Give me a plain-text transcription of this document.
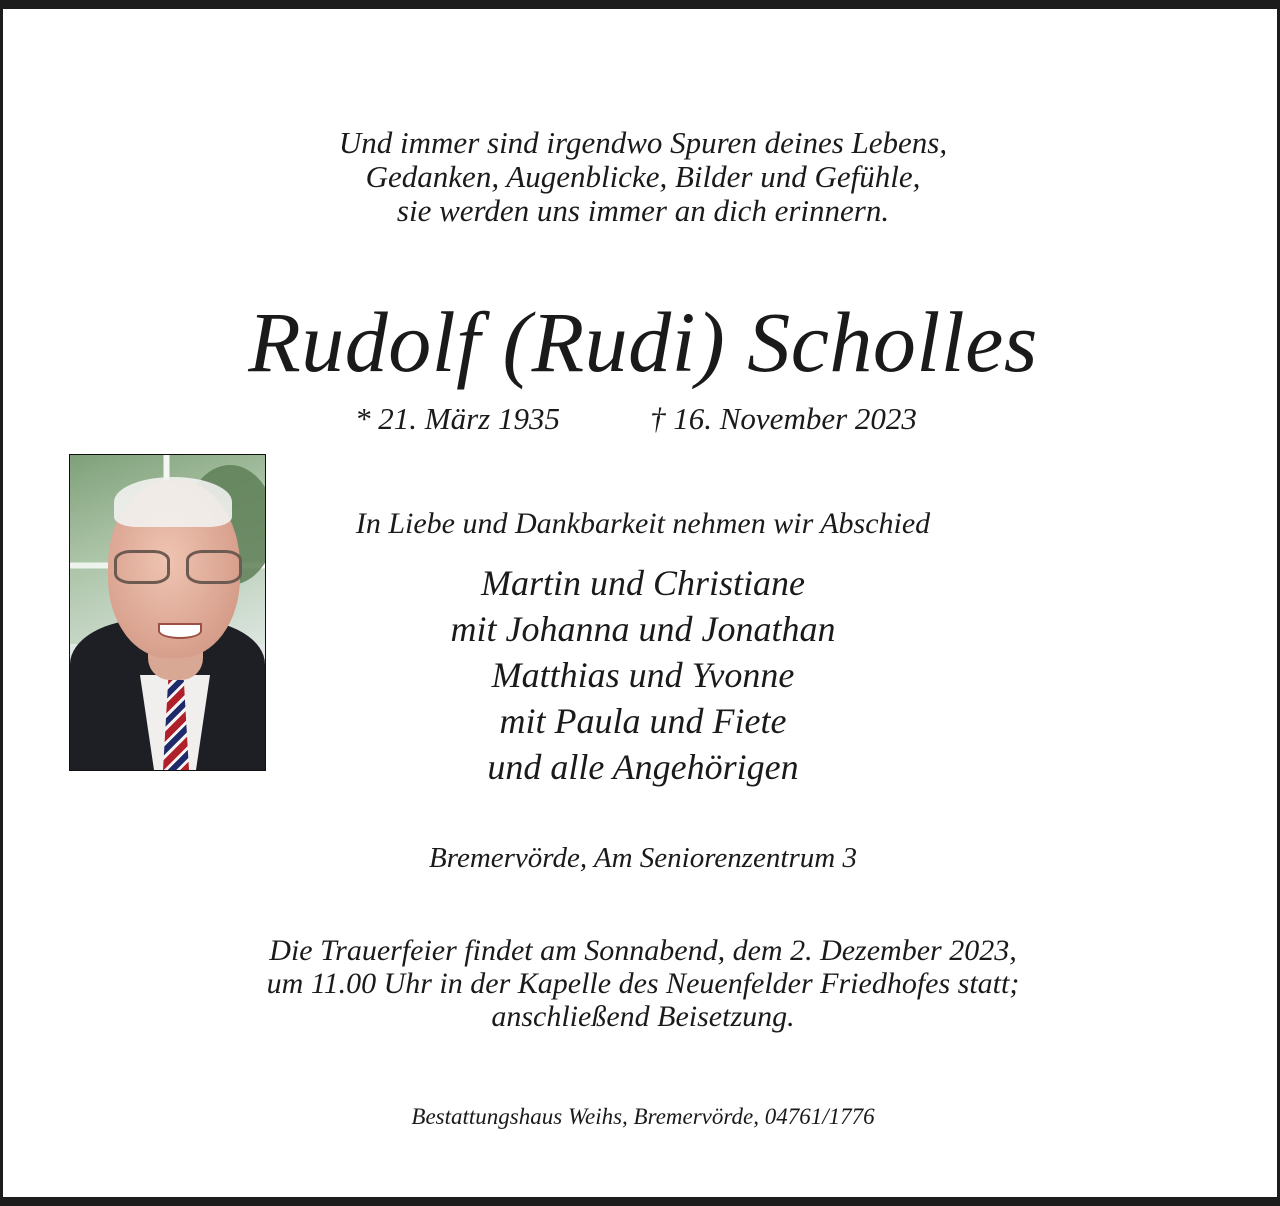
Und immer sind irgendwo Spuren deines Lebens,
Gedanken, Augenblicke, Bilder und Gefühle,
sie werden uns immer an dich erinnern.
Rudolf (Rudi) Scholles
* 21. März 1935	† 16. November 2023
In Liebe und Dankbarkeit nehmen wir Abschied
Martin und Christiane
mit Johanna und Jonathan
Matthias und Yvonne
mit Paula und Fiete
und alle Angehörigen
Bremervörde, Am Seniorenzentrum 3
Die Trauerfeier findet am Sonnabend, dem 2. Dezember 2023,
um 11.00 Uhr in der Kapelle des Neuenfelder Friedhofes statt;
anschließend Beisetzung.
Bestattungshaus Weihs, Bremervörde, 04761/1776
